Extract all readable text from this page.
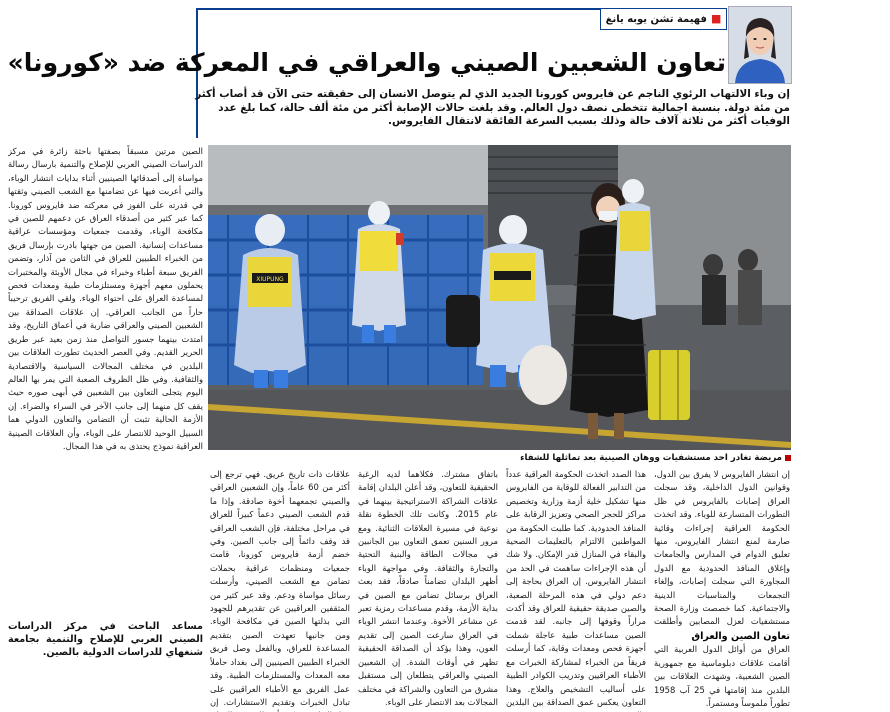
■فهيمة تشن يوبه يانغ
تعاون الشعبين الصيني والعراقي في المعركة ضد «كورونا»
إن وباء الالتهاب الرئوي الناجم عن فايروس كورونا الجديد الذي لم يتوصل الانسان إلى حقيقته حتى الآن قد أصاب أكثر من مئة دولة. بنسبة اجمالية تتخطى نصف دول العالم. وقد بلغت حالات الإصابة أكثر من مئة ألف حالة، كما بلغ عدد الوفيات أكثر من ثلاثة آلاف حالة وذلك بسبب السرعة الفائقة لانتقال الفايروس.
XIUPUNG
مريضة تغادر احد مستشفيات ووهان الصينية بعد تماثلها للشفاء

الصين مرتين مسبقاً بصفتها باحثة زائرة في مركز الدراسات الصيني العربي للإصلاح والتنمية بارسال رسالة مواساة إلى أصدقائها الصينيين أثناء بدايات انتشار الوباء، والتي أعربت فيها عن تضامنها مع الشعب الصيني وثقتها في قدرته على الفوز في معركته ضد فايروس كورونا. كما عبر كثير من أصدقاء العراق عن دعمهم للصين في مكافحة الوباء، وقدمت جمعيات ومؤسسات عراقية مساعدات إنسانية. الصين من جهتها بادرت بإرسال فريق من الخبراء الطبيين للعراق في الثامن من آذار، وتضمن الفريق سبعة أطباء وخبراء في مجال الأوبئة والمختبرات يحملون معهم أجهزة ومستلزمات طبية ومعدات فحص لمساعدة العراق على احتواء الوباء. ولقي الفريق ترحيباً حاراً من الجانب العراقي. إن علاقات الصداقة بين الشعبين الصيني والعراقي ضاربة في أعماق التاريخ، وقد امتدت بينهما جسور التواصل منذ زمن بعيد عبر طريق الحرير القديم. وفي العصر الحديث تطورت العلاقات بين البلدين في مختلف المجالات السياسية والاقتصادية والثقافية. وفي ظل الظروف الصعبة التي يمر بها العالم اليوم يتجلى التعاون بين الشعبين في أبهى صوره حيث يقف كل منهما إلى جانب الآخر في السراء والضراء. إن الأزمة الحالية تثبت أن التضامن والتعاون الدولي هما السبيل الوحيد للانتصار على الوباء، وأن العلاقات الصينية العراقية نموذج يحتذى به في هذا المجال.

مساعد الباحث في مركز الدراسات الصيني العربي للإصلاح والتنمية بجامعة شنغهاي للدراسات الدولية بالصين.

علاقات ذات تاريخ عريق. فهي ترجع إلى أكثر من 60 عاماً، وإن الشعبين العراقي والصيني تجمعهما أخوة صادقة. وإذا ما قدم الشعب الصيني دعماً كبيراً للعراق في مراحل مختلفة، فإن الشعب العراقي قد وقف دائماً إلى جانب الصين. وفي خضم أزمة فايروس كورونا، قامت جمعيات ومنظمات عراقية بحملات تضامن مع الشعب الصيني، وأرسلت رسائل مواساة ودعم. وقد عبر كثير من المثقفين العراقيين عن تقديرهم للجهود التي بذلتها الصين في مكافحة الوباء. ومن جانبها تعهدت الصين بتقديم المساعدة للعراق، وبالفعل وصل فريق الخبراء الطبيين الصينيين إلى بغداد حاملاً معه المعدات والمستلزمات الطبية. وقد عمل الفريق مع الأطباء العراقيين على تبادل الخبرات وتقديم الاستشارات. إن

باتفاق مشترك. فكلاهما لديه الرغبة الحقيقية للتعاون، وقد أعلن البلدان إقامة علاقات الشراكة الاستراتيجية بينهما في عام 2015. وكانت تلك الخطوة نقلة نوعية في مسيرة العلاقات الثنائية. ومع مرور السنين تعمق التعاون بين الجانبين في مجالات الطاقة والبنية التحتية والتجارة والثقافة. وفي مواجهة الوباء أظهر البلدان تضامناً صادقاً، فقد بعث العراق برسائل تضامن مع الصين في بداية الأزمة، وقدم مساعدات رمزية تعبر عن مشاعر الأخوة. وعندما انتشر الوباء في العراق سارعت الصين إلى تقديم العون، وهذا يؤكد أن الصداقة الحقيقية تظهر في أوقات الشدة. إن الشعبين الصيني والعراقي يتطلعان إلى مستقبل مشرق من التعاون والشراكة في مختلف المجالات بعد الانتصار على الوباء.

هذا الصدد اتخذت الحكومة العراقية عدداً من التدابير الفعالة للوقاية من الفايروس منها تشكيل خلية أزمة وزارية وتخصيص مراكز للحجر الصحي وتعزيز الرقابة على المنافذ الحدودية. كما طلبت الحكومة من المواطنين الالتزام بالتعليمات الصحية والبقاء في المنازل قدر الإمكان. ولا شك أن هذه الإجراءات ساهمت في الحد من انتشار الفايروس. إن العراق بحاجة إلى دعم دولي في هذه المرحلة الصعبة، والصين صديقة حقيقية للعراق وقد أكدت مراراً وقوفها إلى جانبه. لقد قدمت الصين مساعدات طبية عاجلة شملت أجهزة فحص ومعدات وقاية، كما أرسلت فريقاً من الخبراء لمشاركة الخبرات مع الأطباء العراقيين وتدريب الكوادر الطبية على أساليب التشخيص والعلاج. وهذا التعاون يعكس عمق الصداقة بين البلدين

إن انتشار الفايروس لا يفرق بين الدول، وقوانين الدول الداخلية، وقد سجلت العراق إصابات بالفايروس في ظل التطورات المتسارعة للوباء. وقد اتخذت الحكومة العراقية إجراءات وقائية صارمة لمنع انتشار الفايروس، منها تعليق الدوام في المدارس والجامعات وإغلاق المنافذ الحدودية مع الدول المجاورة التي سجلت إصابات، وإلغاء التجمعات والمناسبات الدينية والاجتماعية. كما خصصت وزارة الصحة مستشفيات لعزل المصابين وأطلقت

تعاون الصين والعراق

العراق من أوائل الدول العربية التي أقامت علاقات دبلوماسية مع جمهورية الصين الشعبية، وشهدت العلاقات بين البلدين منذ إقامتها في 25 آب 1958 تطوراً ملموساً ومستمراً.
